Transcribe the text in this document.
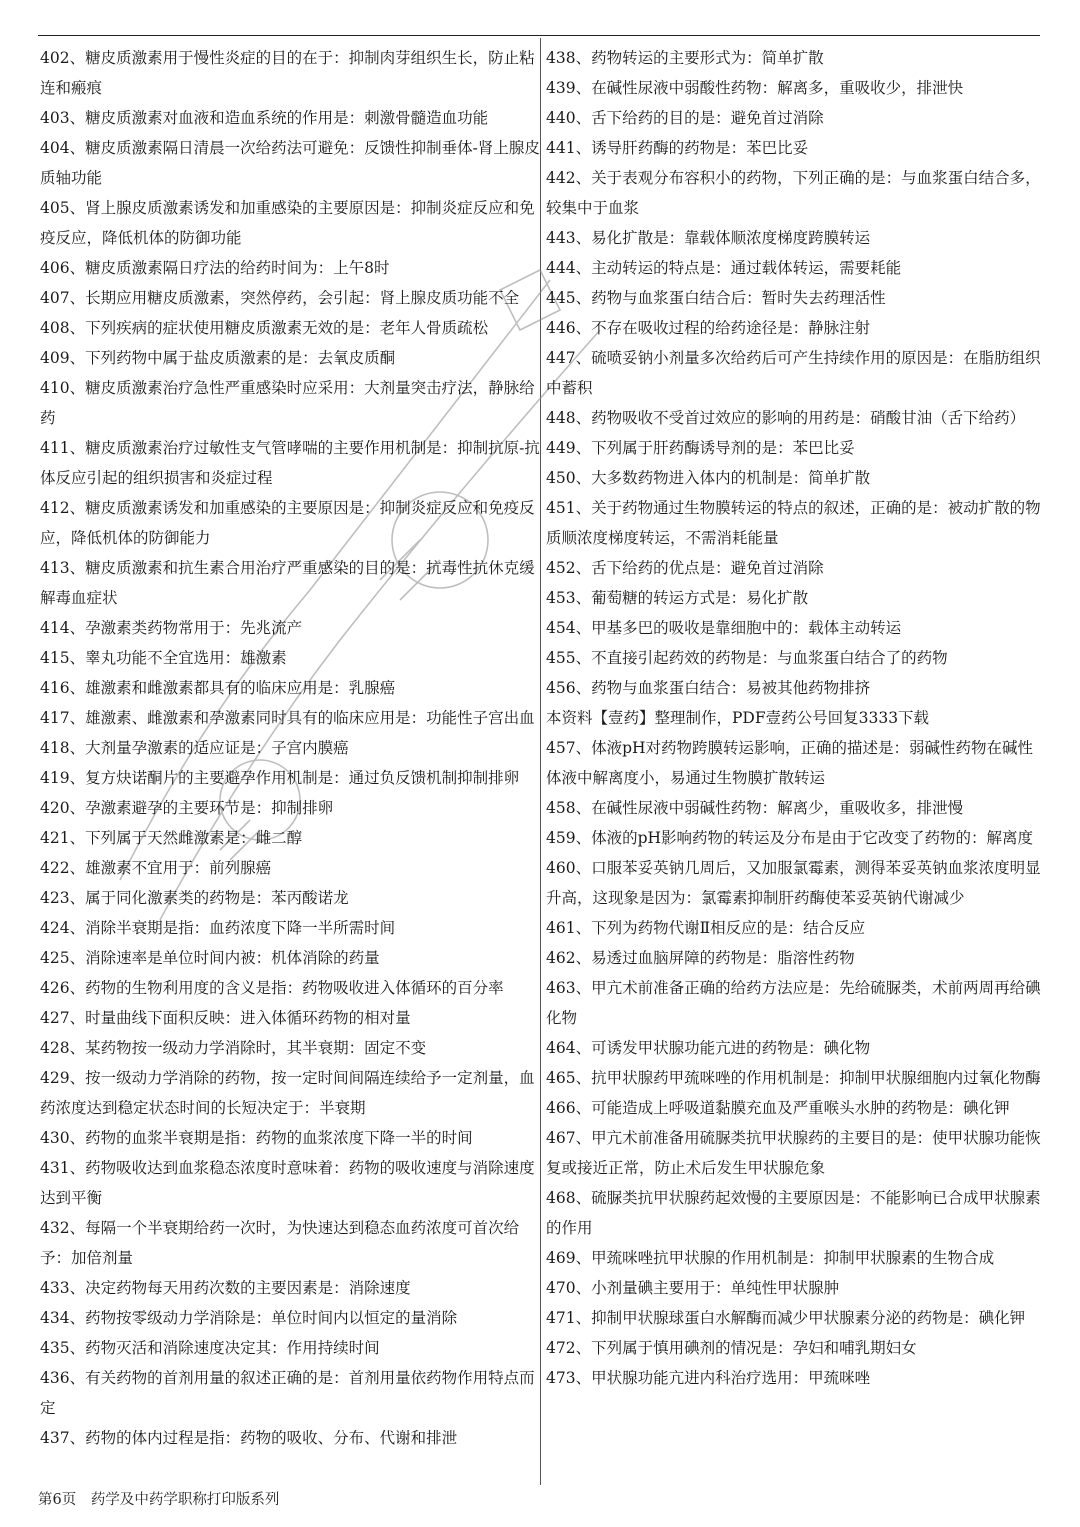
402、糖皮质激素用于慢性炎症的目的在于：抑制肉芽组织生长，防止粘连和瘢痕

403、糖皮质激素对血液和造血系统的作用是：刺激骨髓造血功能

404、糖皮质激素隔日清晨一次给药法可避免：反馈性抑制垂体-肾上腺皮质轴功能

405、肾上腺皮质激素诱发和加重感染的主要原因是：抑制炎症反应和免疫反应，降低机体的防御功能

406、糖皮质激素隔日疗法的给药时间为：上午8时

407、长期应用糖皮质激素，突然停药，会引起：肾上腺皮质功能不全

408、下列疾病的症状使用糖皮质激素无效的是：老年人骨质疏松

409、下列药物中属于盐皮质激素的是：去氧皮质酮

410、糖皮质激素治疗急性严重感染时应采用：大剂量突击疗法，静脉给药

411、糖皮质激素治疗过敏性支气管哮喘的主要作用机制是：抑制抗原-抗体反应引起的组织损害和炎症过程

412、糖皮质激素诱发和加重感染的主要原因是：抑制炎症反应和免疫反应，降低机体的防御能力

413、糖皮质激素和抗生素合用治疗严重感染的目的是：抗毒性抗休克缓解毒血症状

414、孕激素类药物常用于：先兆流产

415、睾丸功能不全宜选用：雄激素

416、雄激素和雌激素都具有的临床应用是：乳腺癌

417、雄激素、雌激素和孕激素同时具有的临床应用是：功能性子宫出血

418、大剂量孕激素的适应证是：子宫内膜癌

419、复方炔诺酮片的主要避孕作用机制是：通过负反馈机制抑制排卵

420、孕激素避孕的主要环节是：抑制排卵

421、下列属于天然雌激素是：雌二醇

422、雄激素不宜用于：前列腺癌

423、属于同化激素类的药物是：苯丙酸诺龙

424、消除半衰期是指：血药浓度下降一半所需时间

425、消除速率是单位时间内被：机体消除的药量

426、药物的生物利用度的含义是指：药物吸收进入体循环的百分率

427、时量曲线下面积反映：进入体循环药物的相对量

428、某药物按一级动力学消除时，其半衰期：固定不变

429、按一级动力学消除的药物，按一定时间间隔连续给予一定剂量，血药浓度达到稳定状态时间的长短决定于：半衰期

430、药物的血浆半衰期是指：药物的血浆浓度下降一半的时间

431、药物吸收达到血浆稳态浓度时意味着：药物的吸收速度与消除速度达到平衡

432、每隔一个半衰期给药一次时，为快速达到稳态血药浓度可首次给予：加倍剂量

433、决定药物每天用药次数的主要因素是：消除速度

434、药物按零级动力学消除是：单位时间内以恒定的量消除

435、药物灭活和消除速度决定其：作用持续时间

436、有关药物的首剂用量的叙述正确的是：首剂用量依药物作用特点而定

437、药物的体内过程是指：药物的吸收、分布、代谢和排泄

438、药物转运的主要形式为：简单扩散

439、在碱性尿液中弱酸性药物：解离多，重吸收少，排泄快

440、舌下给药的目的是：避免首过消除

441、诱导肝药酶的药物是：苯巴比妥

442、关于表观分布容积小的药物，下列正确的是：与血浆蛋白结合多，较集中于血浆

443、易化扩散是：靠载体顺浓度梯度跨膜转运

444、主动转运的特点是：通过载体转运，需要耗能

445、药物与血浆蛋白结合后：暂时失去药理活性

446、不存在吸收过程的给药途径是：静脉注射

447、硫喷妥钠小剂量多次给药后可产生持续作用的原因是：在脂肪组织中蓄积

448、药物吸收不受首过效应的影响的用药是：硝酸甘油（舌下给药）

449、下列属于肝药酶诱导剂的是：苯巴比妥

450、大多数药物进入体内的机制是：简单扩散

451、关于药物通过生物膜转运的特点的叙述，正确的是：被动扩散的物质顺浓度梯度转运，不需消耗能量

452、舌下给药的优点是：避免首过消除

453、葡萄糖的转运方式是：易化扩散

454、甲基多巴的吸收是靠细胞中的：载体主动转运

455、不直接引起药效的药物是：与血浆蛋白结合了的药物

456、药物与血浆蛋白结合：易被其他药物排挤

本资料【壹药】整理制作，PDF壹药公号回复3333下载

457、体液pH对药物跨膜转运影响，正确的描述是：弱碱性药物在碱性体液中解离度小，易通过生物膜扩散转运

458、在碱性尿液中弱碱性药物：解离少，重吸收多，排泄慢

459、体液的pH影响药物的转运及分布是由于它改变了药物的：解离度

460、口服苯妥英钠几周后，又加服氯霉素，测得苯妥英钠血浆浓度明显升高，这现象是因为：氯霉素抑制肝药酶使苯妥英钠代谢减少

461、下列为药物代谢Ⅱ相反应的是：结合反应

462、易透过血脑屏障的药物是：脂溶性药物

463、甲亢术前准备正确的给药方法应是：先给硫脲类，术前两周再给碘化物

464、可诱发甲状腺功能亢进的药物是：碘化物

465、抗甲状腺药甲巯咪唑的作用机制是：抑制甲状腺细胞内过氧化物酶

466、可能造成上呼吸道黏膜充血及严重喉头水肿的药物是：碘化钾

467、甲亢术前准备用硫脲类抗甲状腺药的主要目的是：使甲状腺功能恢复或接近正常，防止术后发生甲状腺危象

468、硫脲类抗甲状腺药起效慢的主要原因是：不能影响已合成甲状腺素的作用

469、甲巯咪唑抗甲状腺的作用机制是：抑制甲状腺素的生物合成

470、小剂量碘主要用于：单纯性甲状腺肿

471、抑制甲状腺球蛋白水解酶而减少甲状腺素分泌的药物是：碘化钾

472、下列属于慎用碘剂的情况是：孕妇和哺乳期妇女

473、甲状腺功能亢进内科治疗选用：甲巯咪唑

第6页 药学及中药学职称打印版系列
